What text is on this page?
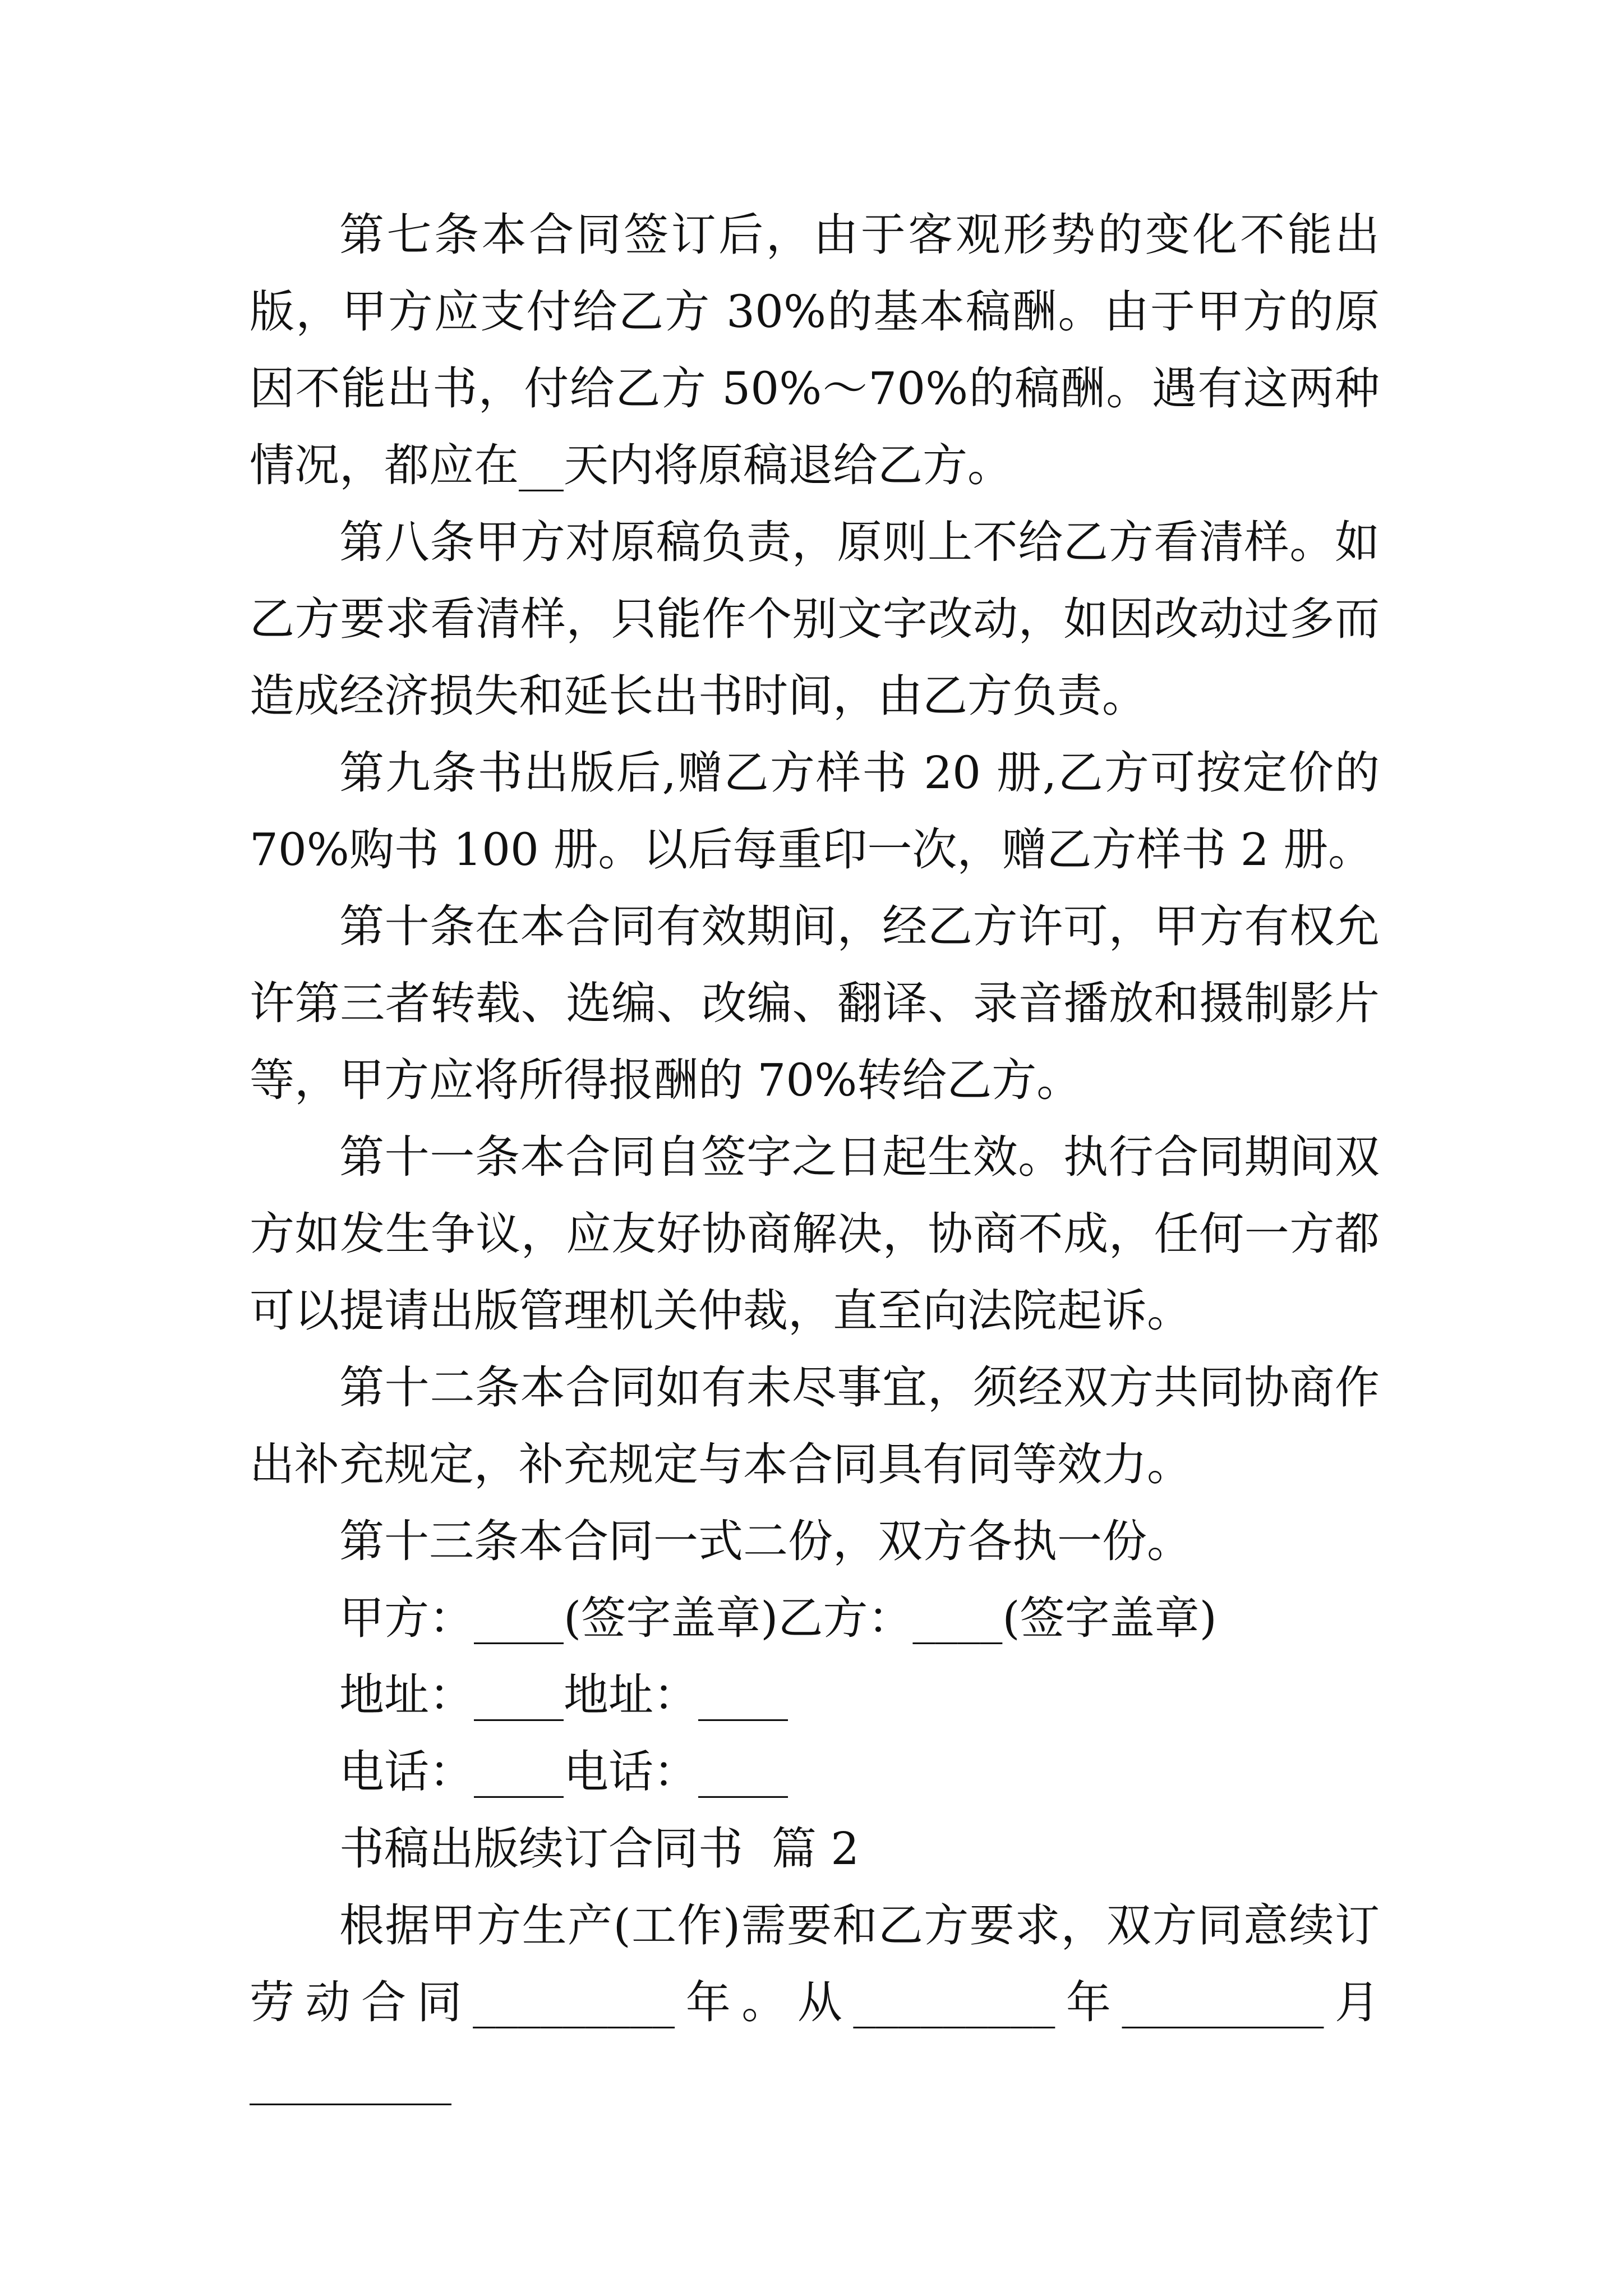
第七条本合同签订后，由于客观形势的变化不能出版，甲方应支付给乙方 30%的基本稿酬。由于甲方的原因不能出书，付给乙方 50%～70%的稿酬。遇有这两种情况，都应在__天内将原稿退给乙方。

第八条甲方对原稿负责，原则上不给乙方看清样。如乙方要求看清样，只能作个别文字改动，如因改动过多而造成经济损失和延长出书时间，由乙方负责。

第九条书出版后,赠乙方样书 20 册,乙方可按定价的 70%购书 100 册。以后每重印一次，赠乙方样书 2 册。

第十条在本合同有效期间，经乙方许可，甲方有权允许第三者转载、选编、改编、翻译、录音播放和摄制影片等，甲方应将所得报酬的 70%转给乙方。

第十一条本合同自签字之日起生效。执行合同期间双方如发生争议，应友好协商解决，协商不成，任何一方都可以提请出版管理机关仲裁，直至向法院起诉。

第十二条本合同如有未尽事宜，须经双方共同协商作出补充规定，补充规定与本合同具有同等效力。

第十三条本合同一式二份，双方各执一份。

甲方：____(签字盖章)乙方：____(签字盖章)

地址：____地址：____

电话：____电话：____

书稿出版续订合同书  篇 2

根据甲方生产(工作)需要和乙方要求，双方同意续订劳动合同_________年。从_________年_________月_________
